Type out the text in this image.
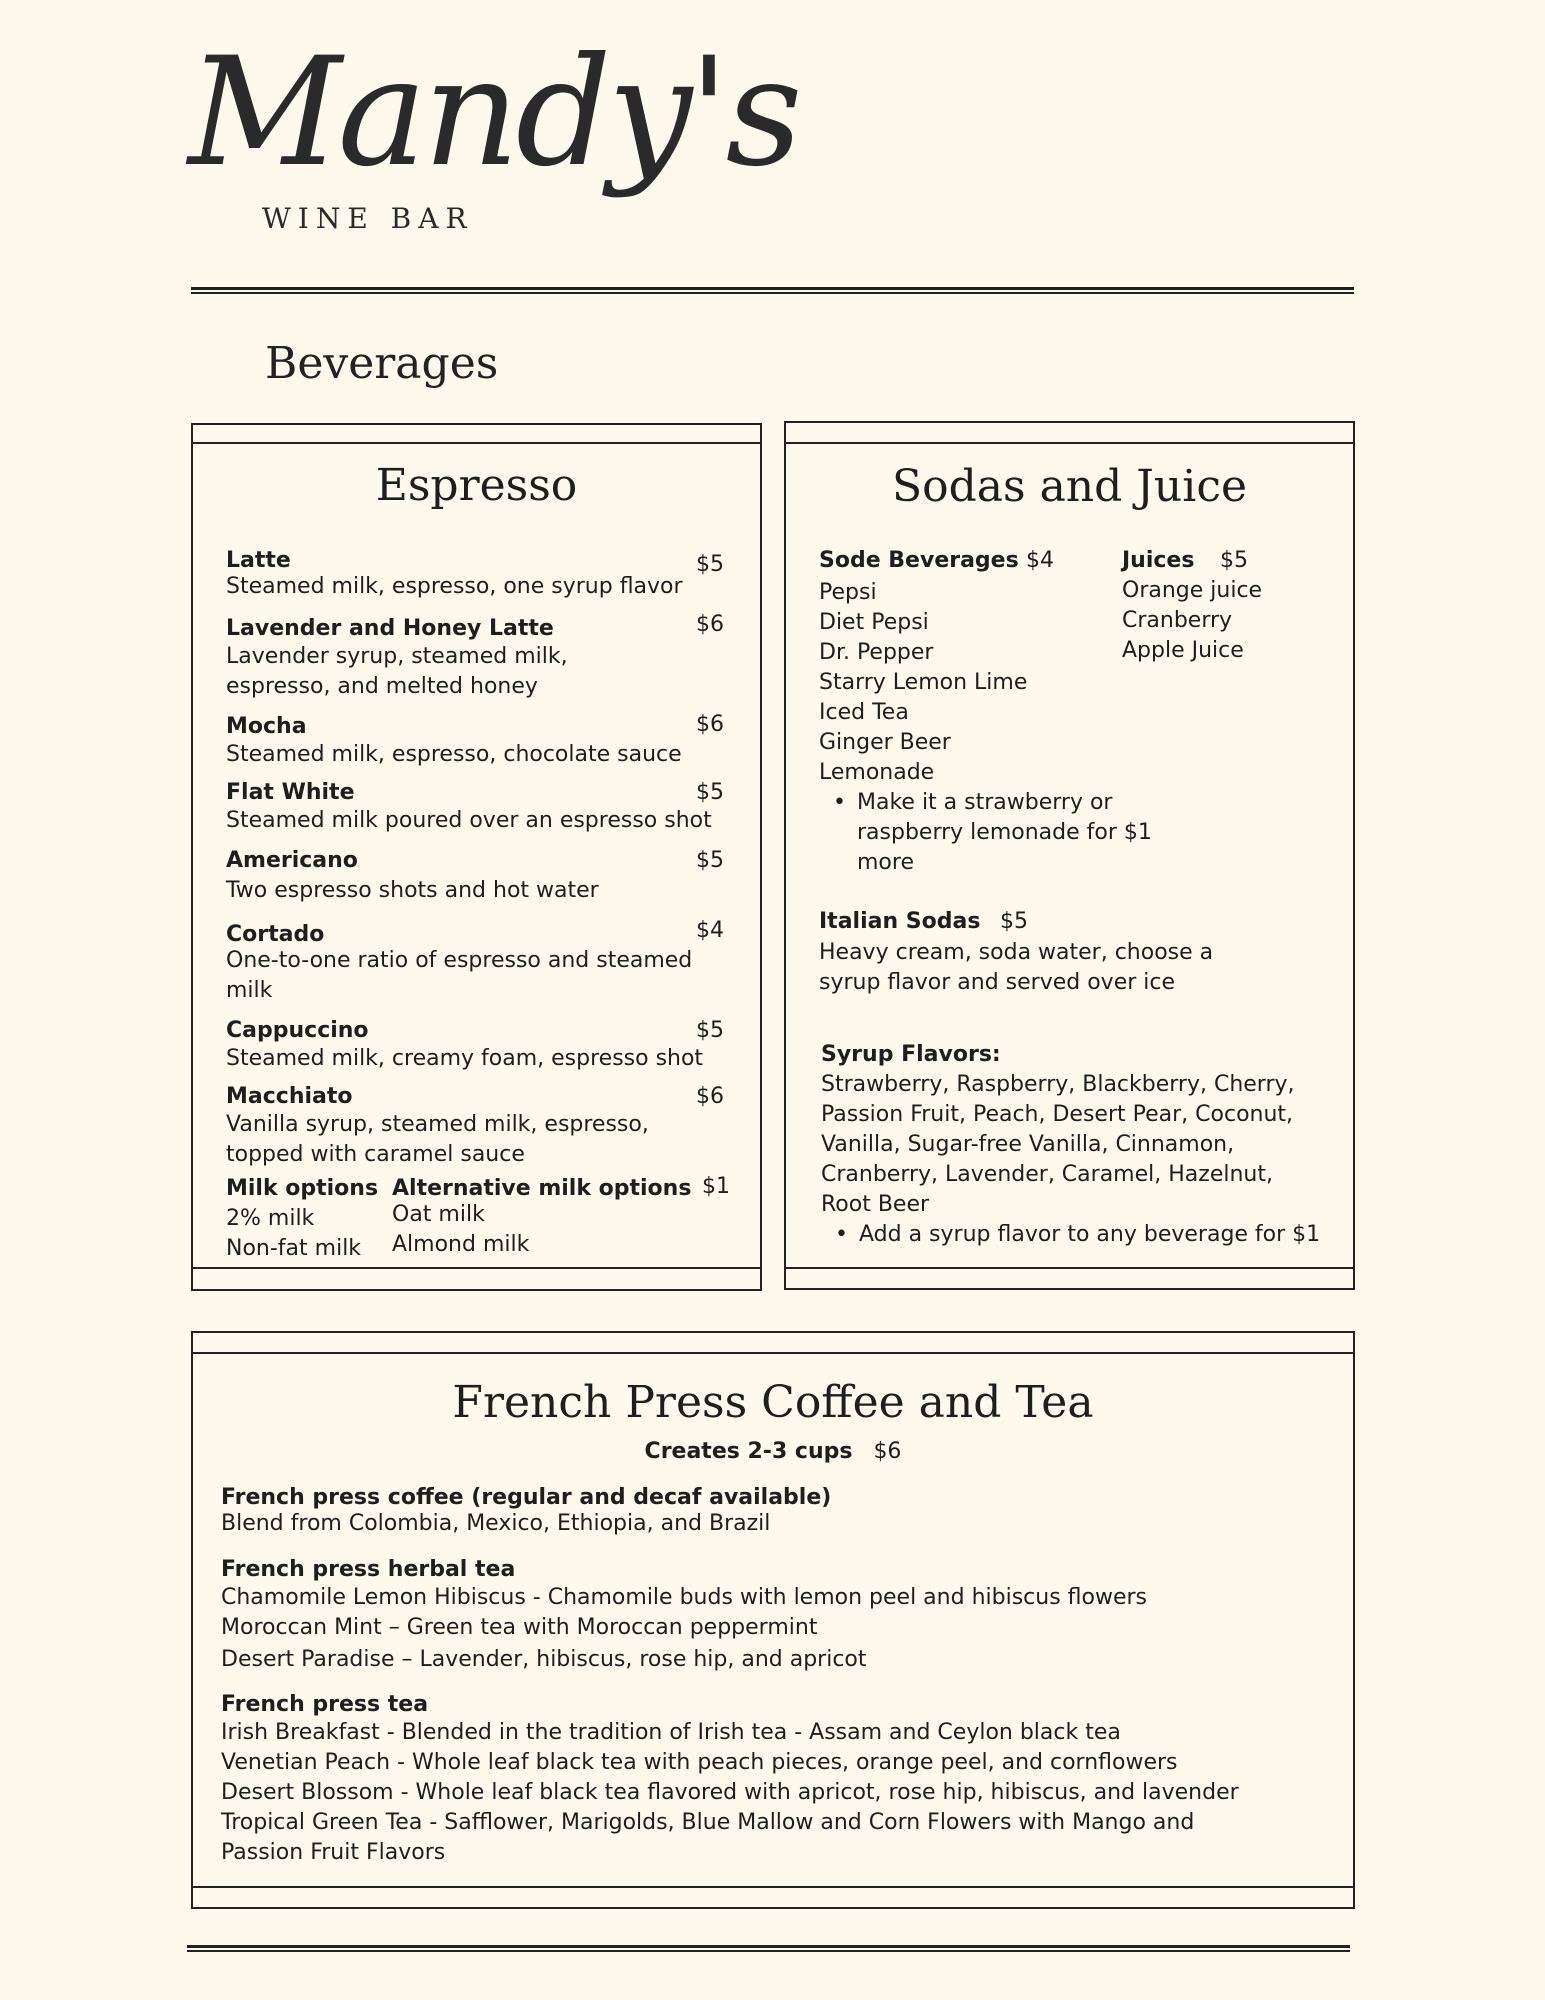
Mandy's
WINE BAR
Beverages
Espresso
Latte	$5
Steamed milk, espresso, one syrup flavor
Lavender and Honey Latte	$6
Lavender syrup, steamed milk,
espresso, and melted honey
Mocha	$6
Steamed milk, espresso, chocolate sauce
Flat White	$5
Steamed milk poured over an espresso shot
Americano	$5
Two espresso shots and hot water
Cortado	$4
One-to-one ratio of espresso and steamed
milk
Cappuccino	$5
Steamed milk, creamy foam, espresso shot
Macchiato	$6
Vanilla syrup, steamed milk, espresso,
topped with caramel sauce
Milk options
2% milk
Non-fat milk
Alternative milk options $1
Oat milk
Almond milk
Sodas and Juice
Sode Beverages $4
Pepsi
Diet Pepsi
Dr. Pepper
Starry Lemon Lime
Iced Tea
Ginger Beer
Lemonade
• Make it a strawberry or
raspberry lemonade for $1
more
Juices $5
Orange juice
Cranberry
Apple Juice
Italian Sodas $5
Heavy cream, soda water, choose a
syrup flavor and served over ice
Syrup Flavors:
Strawberry, Raspberry, Blackberry, Cherry,
Passion Fruit, Peach, Desert Pear, Coconut,
Vanilla, Sugar-free Vanilla, Cinnamon,
Cranberry, Lavender, Caramel, Hazelnut,
Root Beer
• Add a syrup flavor to any beverage for $1
French Press Coffee and Tea
Creates 2-3 cups $6
French press coffee (regular and decaf available)
Blend from Colombia, Mexico, Ethiopia, and Brazil
French press herbal tea
Chamomile Lemon Hibiscus - Chamomile buds with lemon peel and hibiscus flowers
Moroccan Mint – Green tea with Moroccan peppermint
Desert Paradise – Lavender, hibiscus, rose hip, and apricot
French press tea
Irish Breakfast - Blended in the tradition of Irish tea - Assam and Ceylon black tea
Venetian Peach - Whole leaf black tea with peach pieces, orange peel, and cornflowers
Desert Blossom - Whole leaf black tea flavored with apricot, rose hip, hibiscus, and lavender
Tropical Green Tea - Safflower, Marigolds, Blue Mallow and Corn Flowers with Mango and
Passion Fruit Flavors
